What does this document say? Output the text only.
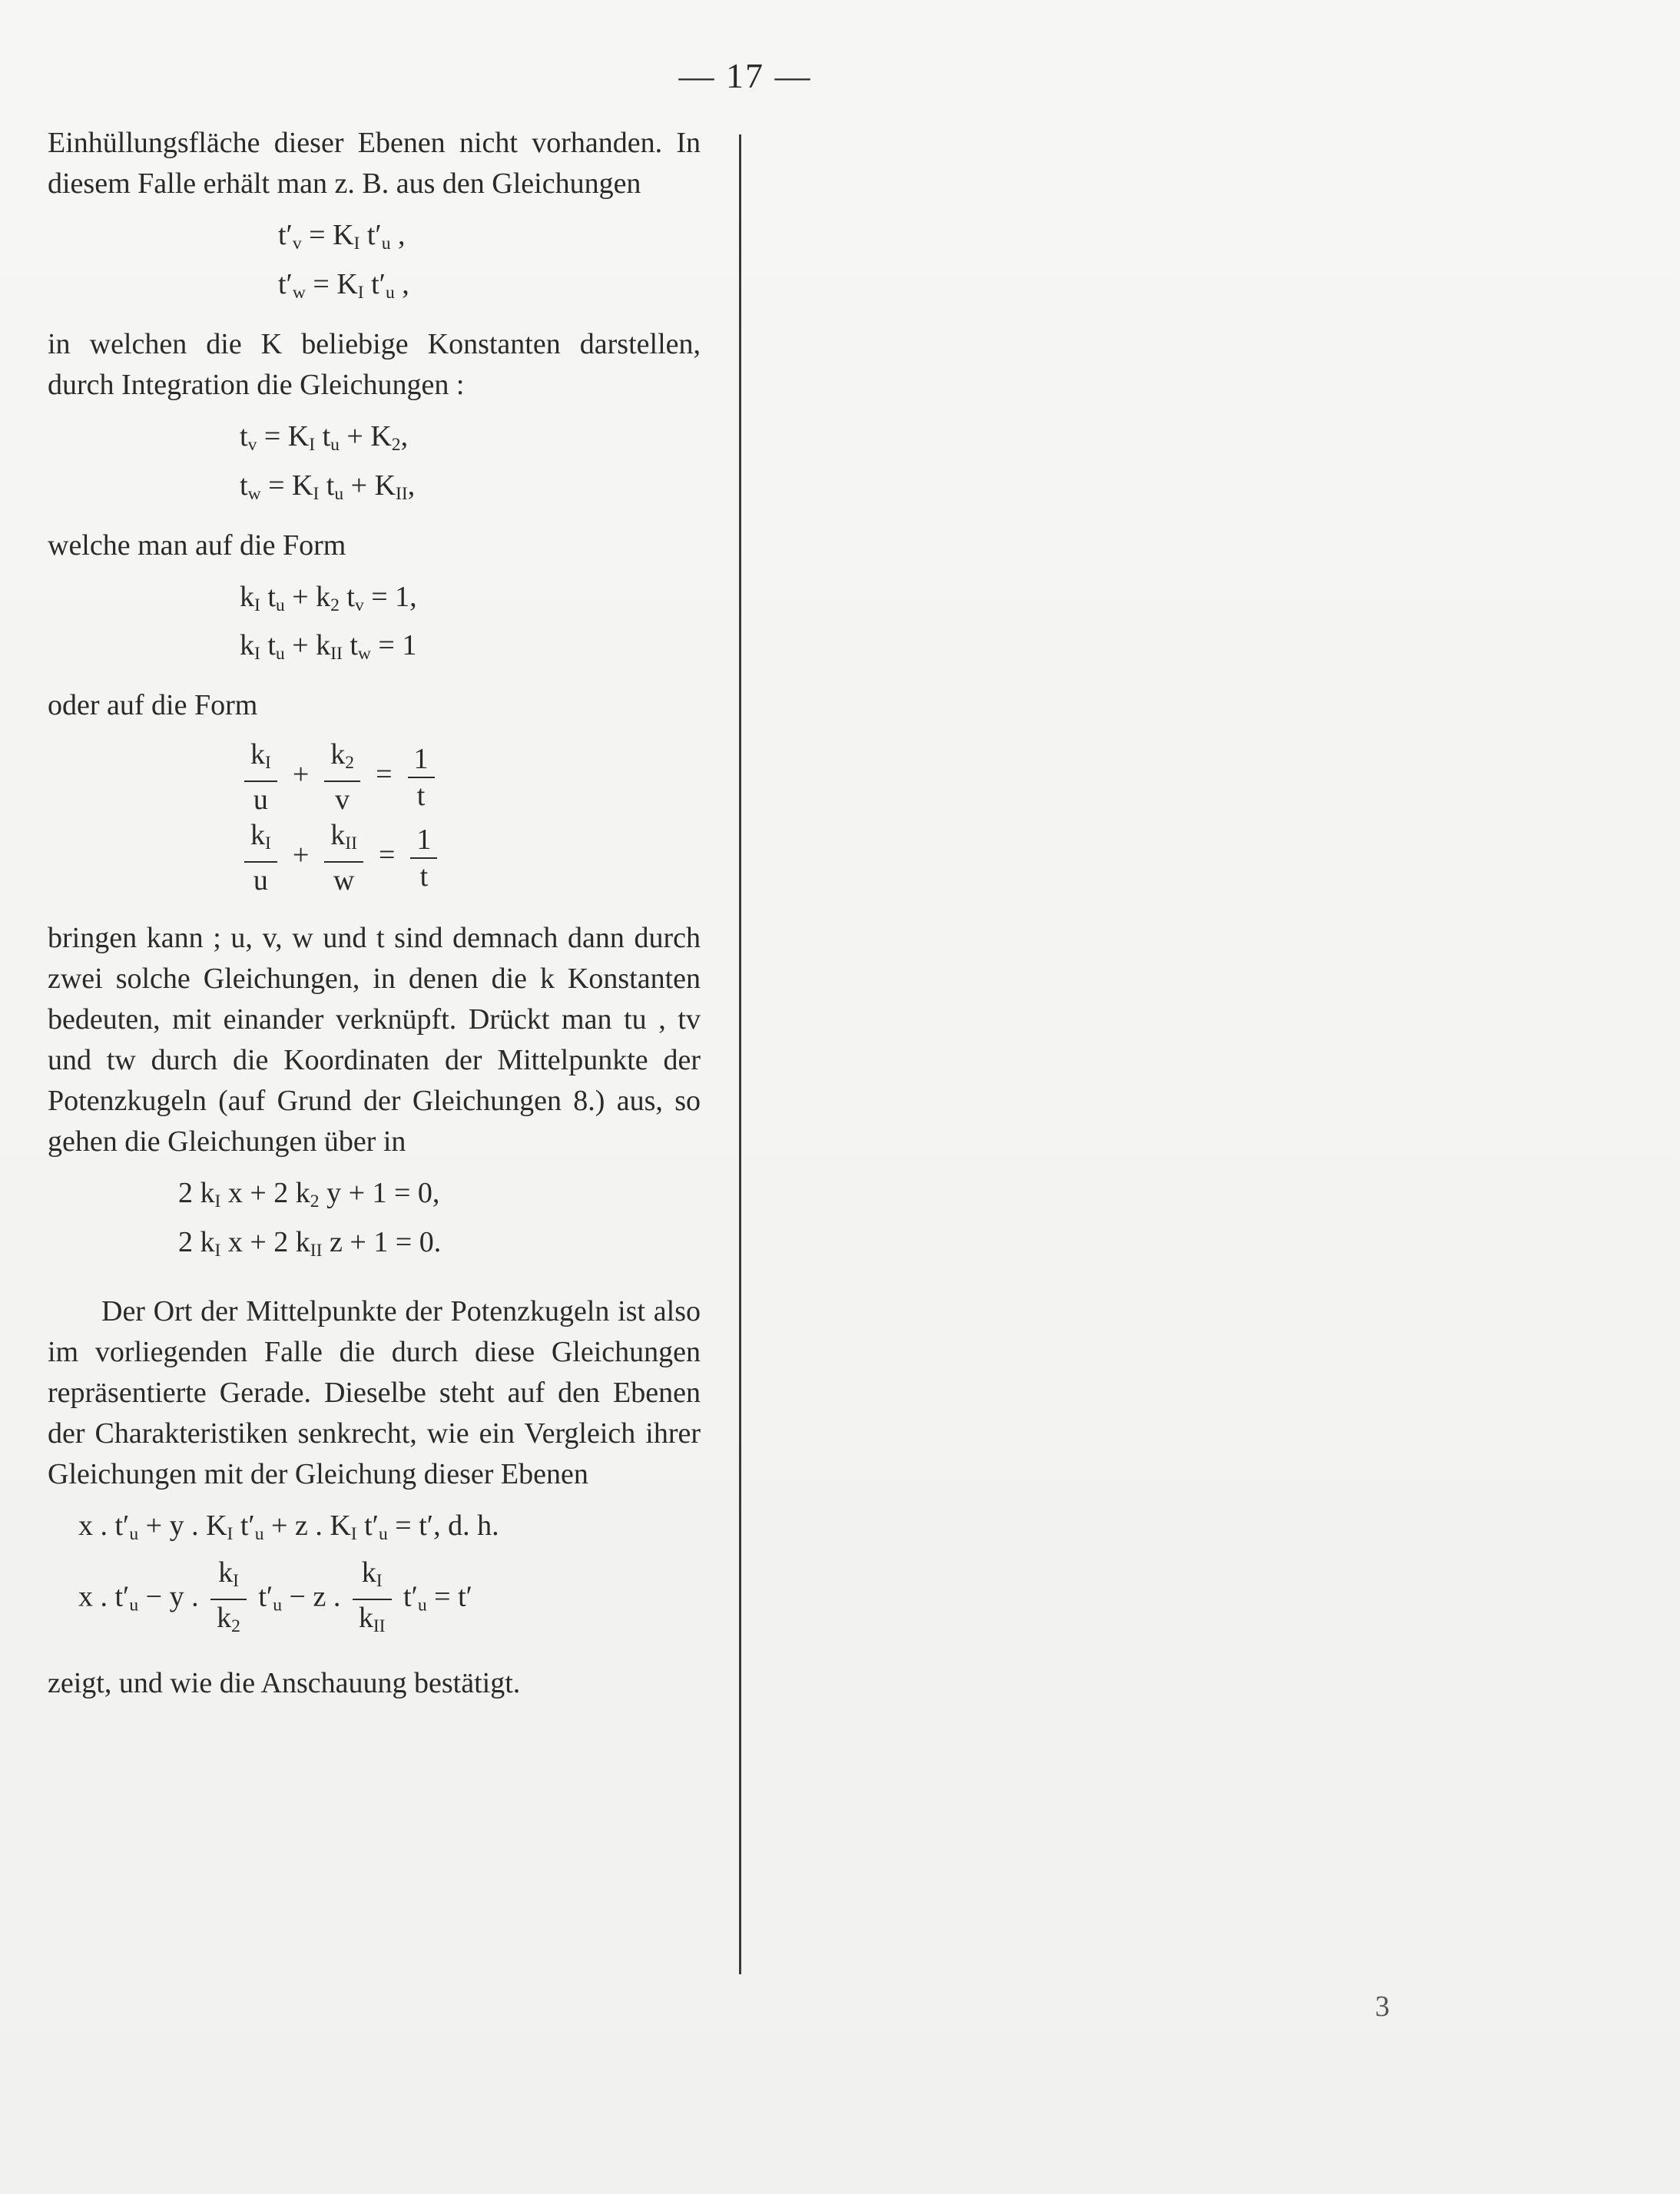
— 17 —

Einhüllungsfläche dieser Ebenen nicht vorhanden. In diesem Falle erhält man z. B. aus den Gleichungen

$t'_v = K_I$ $t'_u$ ,
$t'_w = K_I$ $t'_u$ ,

in welchen die K beliebige Konstanten darstellen, durch Integration die Gleichungen :

$t_v = K_I$ $t_u + K_2$,
$t_w = K_I$ $t_u + K_{II}$,

welche man auf die Form

$k_I$ $t_u + k_2$ $t_v = 1$,
$k_I$ $t_u + k_{II}$ $t_w = 1$

oder auf die Form

$\frac{k_I}{u} + \frac{k_2}{v} = \frac{1}{t}$
$\frac{k_I}{u} + \frac{k_{II}}{w} = \frac{1}{t}$

bringen kann ; u, v, w und t sind demnach dann durch zwei solche Gleichungen, in denen die k Konstanten bedeuten, mit einander verknüpft. Drückt man tu , tv und tw durch die Koordinaten der Mittelpunkte der Potenzkugeln (auf Grund der Gleichungen 8.) aus, so gehen die Gleichungen über in

2 $k_I$ x + 2 $k_2$ y + 1 = 0,
2 $k_I$ x + 2 $k_{II}$ z + 1 = 0.

Der Ort der Mittelpunkte der Potenzkugeln ist also im vorliegenden Falle die durch diese Gleichungen repräsentierte Gerade. Dieselbe steht auf den Ebenen der Charakteristiken senkrecht, wie ein Vergleich ihrer Gleichungen mit der Gleichung dieser Ebenen

x . $t'_u + y$ . $K_I$ $t'_u + z$ . $K_I$ $t'_u = t'$, d. h.
x . $t'_u - y$ . $\frac{k_I}{k_2} t'_u - z$ . $\frac{k_I}{k_{II}} t'_u = t'$

zeigt, und wie die Anschauung bestätigt.

3
